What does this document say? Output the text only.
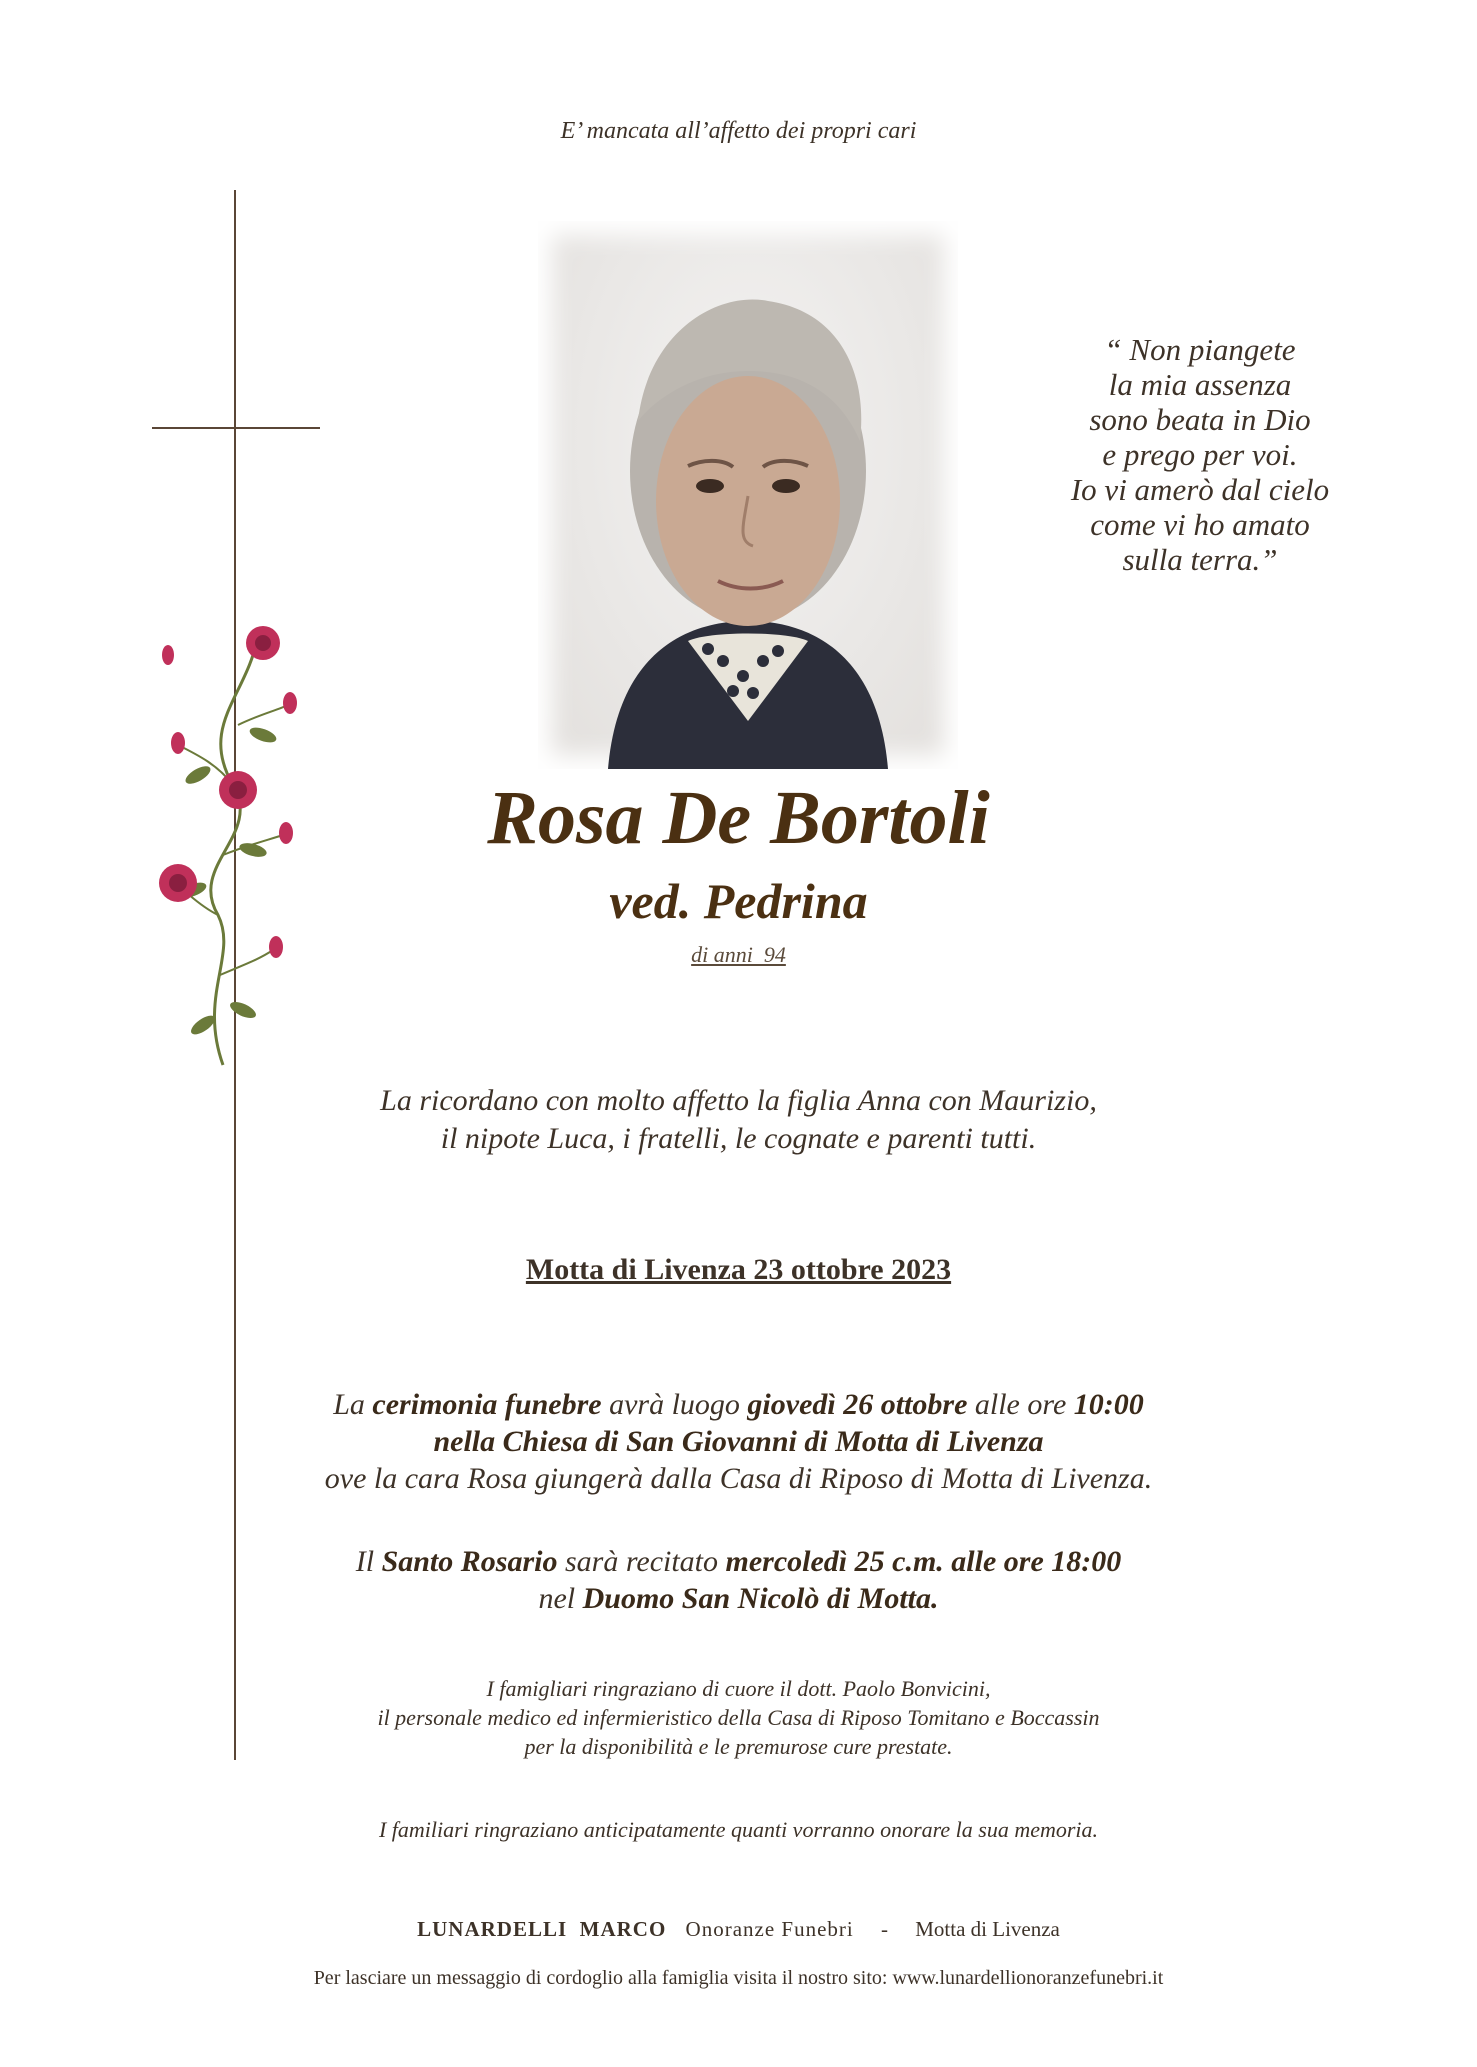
E’ mancata all’affetto dei propri cari
“ Non piangete
la mia assenza
sono beata in Dio
e prego per voi.
Io vi amerò dal cielo
come vi ho amato
sulla terra.”
Rosa De Bortoli
ved. Pedrina
di anni  94
La ricordano con molto affetto la figlia Anna con Maurizio,
il nipote Luca, i fratelli, le cognate e parenti tutti.
Motta di Livenza 23 ottobre 2023
La cerimonia funebre avrà luogo giovedì 26 ottobre alle ore 10:00
nella Chiesa di San Giovanni di Motta di Livenza
ove la cara Rosa giungerà dalla Casa di Riposo di Motta di Livenza.
Il Santo Rosario sarà recitato mercoledì 25 c.m. alle ore 18:00
nel Duomo San Nicolò di Motta.
I famigliari ringraziano di cuore il dott. Paolo Bonvicini,
il personale medico ed infermieristico della Casa di Riposo Tomitano e Boccassin
per la disponibilità e le premurose cure prestate.
I familiari ringraziano anticipatamente quanti vorranno onorare la sua memoria.
LUNARDELLI  MARCO Onoranze Funebri - Motta di Livenza
Per lasciare un messaggio di cordoglio alla famiglia visita il nostro sito: www.lunardellionoranzefunebri.it
